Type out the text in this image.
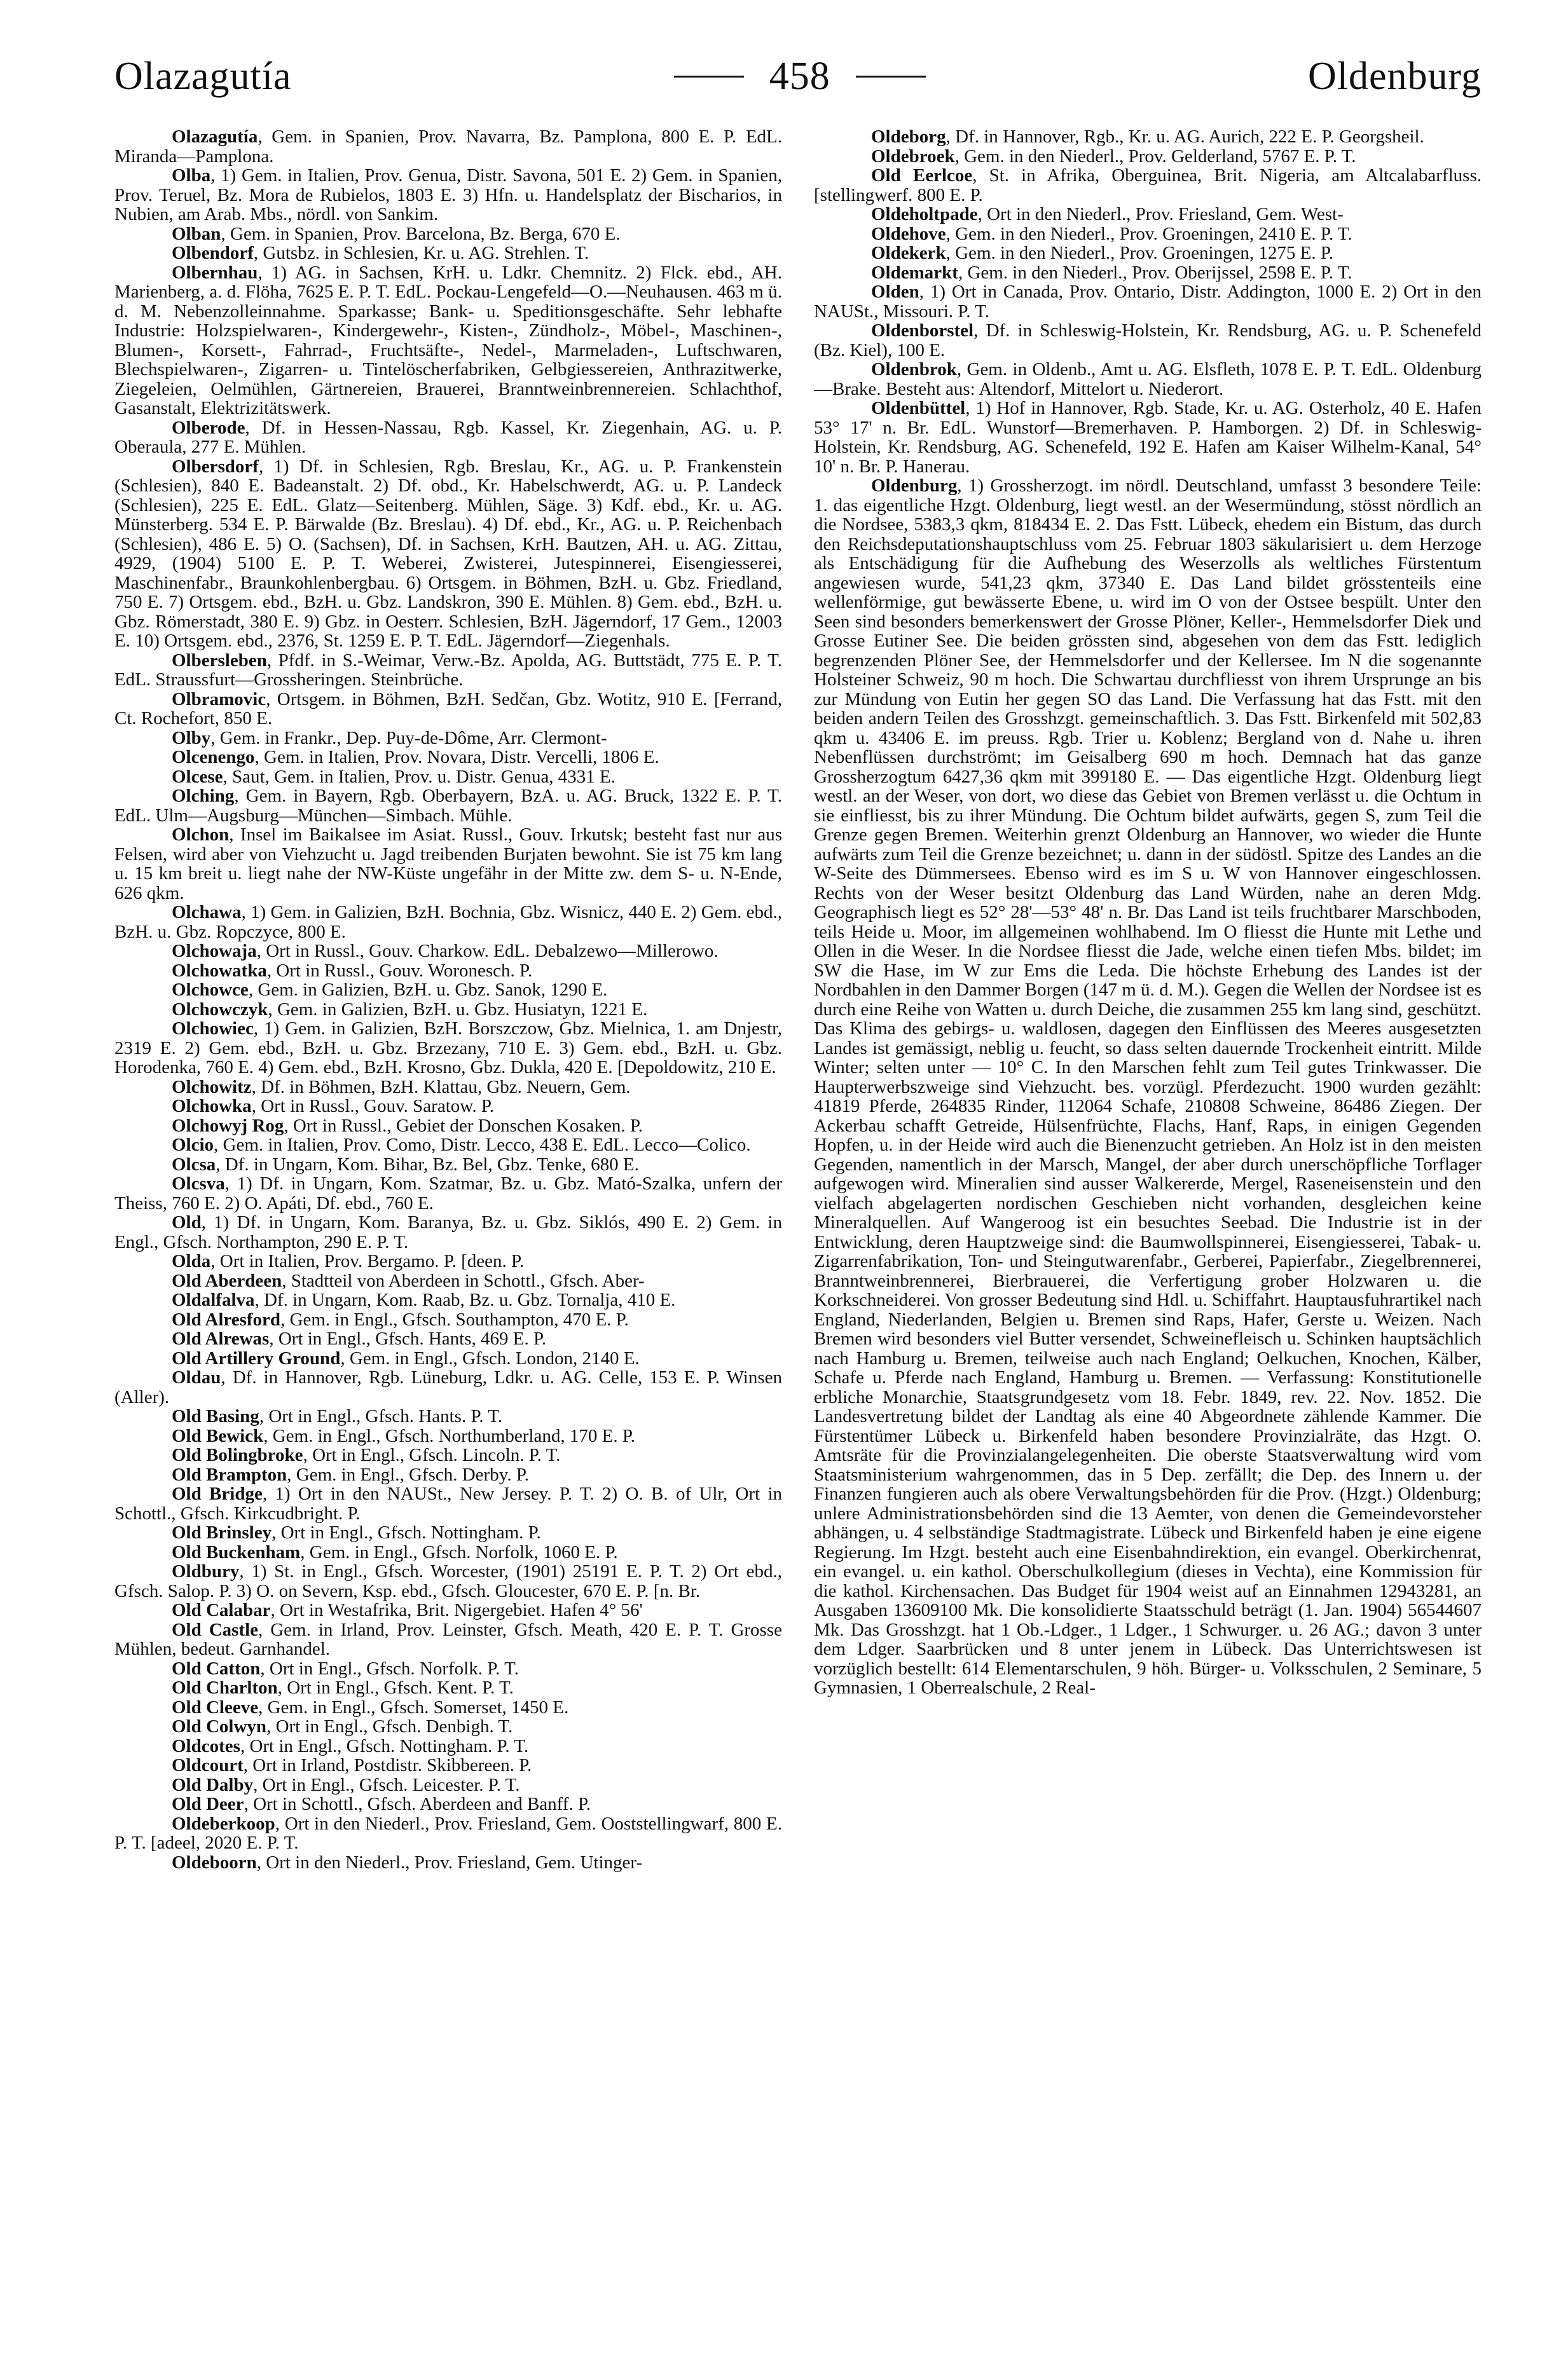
Olazagutía	458	Oldenburg

Olazagutía, Gem. in Spanien, Prov. Navarra, Bz. Pamplona, 800 E. P. EdL. Miranda—Pamplona.

Olba, 1) Gem. in Italien, Prov. Genua, Distr. Savona, 501 E. 2) Gem. in Spanien, Prov. Teruel, Bz. Mora de Rubielos, 1803 E. 3) Hfn. u. Handelsplatz der Bischarios, in Nubien, am Arab. Mbs., nördl. von Sankim.

Olban, Gem. in Spanien, Prov. Barcelona, Bz. Berga, 670 E.

Olbendorf, Gutsbz. in Schlesien, Kr. u. AG. Strehlen. T.

Olbernhau, 1) AG. in Sachsen, KrH. u. Ldkr. Chemnitz. 2) Flck. ebd., AH. Marienberg, a. d. Flöha, 7625 E. P. T. EdL. Pockau-Lengefeld—O.—Neuhausen. 463 m ü. d. M. Nebenzolleinnahme. Sparkasse; Bank- u. Speditionsgeschäfte. Sehr lebhafte Industrie: Holzspielwaren-, Kindergewehr-, Kisten-, Zündholz-, Möbel-, Maschinen-, Blumen-, Korsett-, Fahrrad-, Fruchtsäfte-, Nedel-, Marmeladen-, Luftschwaren, Blechspielwaren-, Zigarren- u. Tintelöscherfabriken, Gelbgiessereien, Anthrazitwerke, Ziegeleien, Oelmühlen, Gärtnereien, Brauerei, Branntweinbrennereien. Schlachthof, Gasanstalt, Elektrizitätswerk.

Olberode, Df. in Hessen-Nassau, Rgb. Kassel, Kr. Ziegenhain, AG. u. P. Oberaula, 277 E. Mühlen.

Olbersdorf, 1) Df. in Schlesien, Rgb. Breslau, Kr., AG. u. P. Frankenstein (Schlesien), 840 E. Badeanstalt. 2) Df. obd., Kr. Habelschwerdt, AG. u. P. Landeck (Schlesien), 225 E. EdL. Glatz—Seitenberg. Mühlen, Säge. 3) Kdf. ebd., Kr. u. AG. Münsterberg. 534 E. P. Bärwalde (Bz. Breslau). 4) Df. ebd., Kr., AG. u. P. Reichenbach (Schlesien), 486 E. 5) O. (Sachsen), Df. in Sachsen, KrH. Bautzen, AH. u. AG. Zittau, 4929, (1904) 5100 E. P. T. Weberei, Zwisterei, Jutespinnerei, Eisengiesserei, Maschinenfabr., Braunkohlenbergbau. 6) Ortsgem. in Böhmen, BzH. u. Gbz. Friedland, 750 E. 7) Ortsgem. ebd., BzH. u. Gbz. Landskron, 390 E. Mühlen. 8) Gem. ebd., BzH. u. Gbz. Römerstadt, 380 E. 9) Gbz. in Oesterr. Schlesien, BzH. Jägerndorf, 17 Gem., 12003 E. 10) Ortsgem. ebd., 2376, St. 1259 E. P. T. EdL. Jägerndorf—Ziegenhals.

Olbersleben, Pfdf. in S.-Weimar, Verw.-Bz. Apolda, AG. Buttstädt, 775 E. P. T. EdL. Straussfurt—Grossheringen. Steinbrüche.

Olbramovic, Ortsgem. in Böhmen, BzH. Sedčan, Gbz. Wotitz, 910 E. [Ferrand, Ct. Rochefort, 850 E.

Olby, Gem. in Frankr., Dep. Puy-de-Dôme, Arr. Clermont-

Olcenengo, Gem. in Italien, Prov. Novara, Distr. Vercelli, 1806 E.

Olcese, Saut, Gem. in Italien, Prov. u. Distr. Genua, 4331 E.

Olching, Gem. in Bayern, Rgb. Oberbayern, BzA. u. AG. Bruck, 1322 E. P. T. EdL. Ulm—Augsburg—München—Simbach. Mühle.

Olchon, Insel im Baikalsee im Asiat. Russl., Gouv. Irkutsk; besteht fast nur aus Felsen, wird aber von Viehzucht u. Jagd treibenden Burjaten bewohnt. Sie ist 75 km lang u. 15 km breit u. liegt nahe der NW-Küste ungefähr in der Mitte zw. dem S- u. N-Ende, 626 qkm.

Olchawa, 1) Gem. in Galizien, BzH. Bochnia, Gbz. Wisnicz, 440 E. 2) Gem. ebd., BzH. u. Gbz. Ropczyce, 800 E.

Olchowaja, Ort in Russl., Gouv. Charkow. EdL. Debalzewo—Millerowo.

Olchowatka, Ort in Russl., Gouv. Woronesch. P.

Olchowce, Gem. in Galizien, BzH. u. Gbz. Sanok, 1290 E.

Olchowczyk, Gem. in Galizien, BzH. u. Gbz. Husiatyn, 1221 E.

Olchowiec, 1) Gem. in Galizien, BzH. Borszczow, Gbz. Mielnica, 1. am Dnjestr, 2319 E. 2) Gem. ebd., BzH. u. Gbz. Brzezany, 710 E. 3) Gem. ebd., BzH. u. Gbz. Horodenka, 760 E. 4) Gem. ebd., BzH. Krosno, Gbz. Dukla, 420 E. [Depoldowitz, 210 E.

Olchowitz, Df. in Böhmen, BzH. Klattau, Gbz. Neuern, Gem.

Olchowka, Ort in Russl., Gouv. Saratow. P.

Olchowyj Rog, Ort in Russl., Gebiet der Donschen Kosaken. P.

Olcio, Gem. in Italien, Prov. Como, Distr. Lecco, 438 E. EdL. Lecco—Colico.

Olcsa, Df. in Ungarn, Kom. Bihar, Bz. Bel, Gbz. Tenke, 680 E.

Olcsva, 1) Df. in Ungarn, Kom. Szatmar, Bz. u. Gbz. Mató-Szalka, unfern der Theiss, 760 E. 2) O. Apáti, Df. ebd., 760 E.

Old, 1) Df. in Ungarn, Kom. Baranya, Bz. u. Gbz. Siklós, 490 E. 2) Gem. in Engl., Gfsch. Northampton, 290 E. P. T.

Olda, Ort in Italien, Prov. Bergamo. P. [deen. P.

Old Aberdeen, Stadtteil von Aberdeen in Schottl., Gfsch. Aber-

Oldalfalva, Df. in Ungarn, Kom. Raab, Bz. u. Gbz. Tornalja, 410 E.

Old Alresford, Gem. in Engl., Gfsch. Southampton, 470 E. P.

Old Alrewas, Ort in Engl., Gfsch. Hants, 469 E. P.

Old Artillery Ground, Gem. in Engl., Gfsch. London, 2140 E.

Oldau, Df. in Hannover, Rgb. Lüneburg, Ldkr. u. AG. Celle, 153 E. P. Winsen (Aller).

Old Basing, Ort in Engl., Gfsch. Hants. P. T.

Old Bewick, Gem. in Engl., Gfsch. Northumberland, 170 E. P.

Old Bolingbroke, Ort in Engl., Gfsch. Lincoln. P. T.

Old Brampton, Gem. in Engl., Gfsch. Derby. P.

Old Bridge, 1) Ort in den NAUSt., New Jersey. P. T. 2) O. B. of Ulr, Ort in Schottl., Gfsch. Kirkcudbright. P.

Old Brinsley, Ort in Engl., Gfsch. Nottingham. P.

Old Buckenham, Gem. in Engl., Gfsch. Norfolk, 1060 E. P.

Oldbury, 1) St. in Engl., Gfsch. Worcester, (1901) 25191 E. P. T. 2) Ort ebd., Gfsch. Salop. P. 3) O. on Severn, Ksp. ebd., Gfsch. Gloucester, 670 E. P. [n. Br.

Old Calabar, Ort in Westafrika, Brit. Nigergebiet. Hafen 4° 56'

Old Castle, Gem. in Irland, Prov. Leinster, Gfsch. Meath, 420 E. P. T. Grosse Mühlen, bedeut. Garnhandel.

Old Catton, Ort in Engl., Gfsch. Norfolk. P. T.

Old Charlton, Ort in Engl., Gfsch. Kent. P. T.

Old Cleeve, Gem. in Engl., Gfsch. Somerset, 1450 E.

Old Colwyn, Ort in Engl., Gfsch. Denbigh. T.

Oldcotes, Ort in Engl., Gfsch. Nottingham. P. T.

Oldcourt, Ort in Irland, Postdistr. Skibbereen. P.

Old Dalby, Ort in Engl., Gfsch. Leicester. P. T.

Old Deer, Ort in Schottl., Gfsch. Aberdeen and Banff. P.

Oldeberkoop, Ort in den Niederl., Prov. Friesland, Gem. Ooststellingwarf, 800 E. P. T. [adeel, 2020 E. P. T.

Oldeboorn, Ort in den Niederl., Prov. Friesland, Gem. Utinger-

Oldeborg, Df. in Hannover, Rgb., Kr. u. AG. Aurich, 222 E. P. Georgsheil.

Oldebroek, Gem. in den Niederl., Prov. Gelderland, 5767 E. P. T.

Old Eerlcoe, St. in Afrika, Oberguinea, Brit. Nigeria, am Altcalabarfluss. [stellingwerf. 800 E. P.

Oldeholtpade, Ort in den Niederl., Prov. Friesland, Gem. West-

Oldehove, Gem. in den Niederl., Prov. Groeningen, 2410 E. P. T.

Oldekerk, Gem. in den Niederl., Prov. Groeningen, 1275 E. P.

Oldemarkt, Gem. in den Niederl., Prov. Oberijssel, 2598 E. P. T.

Olden, 1) Ort in Canada, Prov. Ontario, Distr. Addington, 1000 E. 2) Ort in den NAUSt., Missouri. P. T.

Oldenborstel, Df. in Schleswig-Holstein, Kr. Rendsburg, AG. u. P. Schenefeld (Bz. Kiel), 100 E.

Oldenbrok, Gem. in Oldenb., Amt u. AG. Elsfleth, 1078 E. P. T. EdL. Oldenburg—Brake. Besteht aus: Altendorf, Mittelort u. Niederort.

Oldenbüttel, 1) Hof in Hannover, Rgb. Stade, Kr. u. AG. Osterholz, 40 E. Hafen 53° 17' n. Br. EdL. Wunstorf—Bremerhaven. P. Hamborgen. 2) Df. in Schleswig-Holstein, Kr. Rendsburg, AG. Schenefeld, 192 E. Hafen am Kaiser Wilhelm-Kanal, 54° 10' n. Br. P. Hanerau.

Oldenburg, 1) Grossherzogt. im nördl. Deutschland, umfasst 3 besondere Teile: 1. das eigentliche Hzgt. Oldenburg, liegt westl. an der Wesermündung, stösst nördlich an die Nordsee, 5383,3 qkm, 818434 E. 2. Das Fstt. Lübeck, ehedem ein Bistum, das durch den Reichsdeputationshauptschluss vom 25. Februar 1803 säkularisiert u. dem Herzoge als Entschädigung für die Aufhebung des Weserzolls als weltliches Fürstentum angewiesen wurde, 541,23 qkm, 37340 E. Das Land bildet grösstenteils eine wellenförmige, gut bewässerte Ebene, u. wird im O von der Ostsee bespült. Unter den Seen sind besonders bemerkenswert der Grosse Plöner, Keller-, Hemmelsdorfer Diek und Grosse Eutiner See. Die beiden grössten sind, abgesehen von dem das Fstt. lediglich begrenzenden Plöner See, der Hemmelsdorfer und der Kellersee. Im N die sogenannte Holsteiner Schweiz, 90 m hoch. Die Schwartau durchfliesst von ihrem Ursprunge an bis zur Mündung von Eutin her gegen SO das Land. Die Verfassung hat das Fstt. mit den beiden andern Teilen des Grosshzgt. gemeinschaftlich. 3. Das Fstt. Birkenfeld mit 502,83 qkm u. 43406 E. im preuss. Rgb. Trier u. Koblenz; Bergland von d. Nahe u. ihren Nebenflüssen durchströmt; im Geisalberg 690 m hoch. Demnach hat das ganze Grossherzogtum 6427,36 qkm mit 399180 E. — Das eigentliche Hzgt. Oldenburg liegt westl. an der Weser, von dort, wo diese das Gebiet von Bremen verlässt u. die Ochtum in sie einfliesst, bis zu ihrer Mündung. Die Ochtum bildet aufwärts, gegen S, zum Teil die Grenze gegen Bremen. Weiterhin grenzt Oldenburg an Hannover, wo wieder die Hunte aufwärts zum Teil die Grenze bezeichnet; u. dann in der südöstl. Spitze des Landes an die W-Seite des Dümmersees. Ebenso wird es im S u. W von Hannover eingeschlossen. Rechts von der Weser besitzt Oldenburg das Land Würden, nahe an deren Mdg. Geographisch liegt es 52° 28'—53° 48' n. Br. Das Land ist teils fruchtbarer Marschboden, teils Heide u. Moor, im allgemeinen wohlhabend. Im O fliesst die Hunte mit Lethe und Ollen in die Weser. In die Nordsee fliesst die Jade, welche einen tiefen Mbs. bildet; im SW die Hase, im W zur Ems die Leda. Die höchste Erhebung des Landes ist der Nordbahlen in den Dammer Borgen (147 m ü. d. M.). Gegen die Wellen der Nordsee ist es durch eine Reihe von Watten u. durch Deiche, die zusammen 255 km lang sind, geschützt. Das Klima des gebirgs- u. waldlosen, dagegen den Einflüssen des Meeres ausgesetzten Landes ist gemässigt, neblig u. feucht, so dass selten dauernde Trockenheit eintritt. Milde Winter; selten unter — 10° C. In den Marschen fehlt zum Teil gutes Trinkwasser. Die Haupterwerbszweige sind Viehzucht. bes. vorzügl. Pferdezucht. 1900 wurden gezählt: 41819 Pferde, 264835 Rinder, 112064 Schafe, 210808 Schweine, 86486 Ziegen. Der Ackerbau schafft Getreide, Hülsenfrüchte, Flachs, Hanf, Raps, in einigen Gegenden Hopfen, u. in der Heide wird auch die Bienenzucht getrieben. An Holz ist in den meisten Gegenden, namentlich in der Marsch, Mangel, der aber durch unerschöpfliche Torflager aufgewogen wird. Mineralien sind ausser Walkererde, Mergel, Raseneisenstein und den vielfach abgelagerten nordischen Geschieben nicht vorhanden, desgleichen keine Mineralquellen. Auf Wangeroog ist ein besuchtes Seebad. Die Industrie ist in der Entwicklung, deren Hauptzweige sind: die Baumwollspinnerei, Eisengiesserei, Tabak- u. Zigarrenfabrikation, Ton- und Steingutwarenfabr., Gerberei, Papierfabr., Ziegelbrennerei, Branntweinbrennerei, Bierbrauerei, die Verfertigung grober Holzwaren u. die Korkschneiderei. Von grosser Bedeutung sind Hdl. u. Schiffahrt. Hauptausfuhrartikel nach England, Niederlanden, Belgien u. Bremen sind Raps, Hafer, Gerste u. Weizen. Nach Bremen wird besonders viel Butter versendet, Schweinefleisch u. Schinken hauptsächlich nach Hamburg u. Bremen, teilweise auch nach England; Oelkuchen, Knochen, Kälber, Schafe u. Pferde nach England, Hamburg u. Bremen. — Verfassung: Konstitutionelle erbliche Monarchie, Staatsgrundgesetz vom 18. Febr. 1849, rev. 22. Nov. 1852. Die Landesvertretung bildet der Landtag als eine 40 Abgeordnete zählende Kammer. Die Fürstentümer Lübeck u. Birkenfeld haben besondere Provinzialräte, das Hzgt. O. Amtsräte für die Provinzialangelegenheiten. Die oberste Staatsverwaltung wird vom Staatsministerium wahrgenommen, das in 5 Dep. zerfällt; die Dep. des Innern u. der Finanzen fungieren auch als obere Verwaltungsbehörden für die Prov. (Hzgt.) Oldenburg; unlere Administrationsbehörden sind die 13 Aemter, von denen die Gemeindevorsteher abhängen, u. 4 selbständige Stadtmagistrate. Lübeck und Birkenfeld haben je eine eigene Regierung. Im Hzgt. besteht auch eine Eisenbahndirektion, ein evangel. Oberkirchenrat, ein evangel. u. ein kathol. Oberschulkollegium (dieses in Vechta), eine Kommission für die kathol. Kirchensachen. Das Budget für 1904 weist auf an Einnahmen 12943281, an Ausgaben 13609100 Mk. Die konsolidierte Staatsschuld beträgt (1. Jan. 1904) 56544607 Mk. Das Grosshzgt. hat 1 Ob.-Ldger., 1 Ldger., 1 Schwurger. u. 26 AG.; davon 3 unter dem Ldger. Saarbrücken und 8 unter jenem in Lübeck. Das Unterrichtswesen ist vorzüglich bestellt: 614 Elementarschulen, 9 höh. Bürger- u. Volksschulen, 2 Seminare, 5 Gymnasien, 1 Oberrealschule, 2 Real-
